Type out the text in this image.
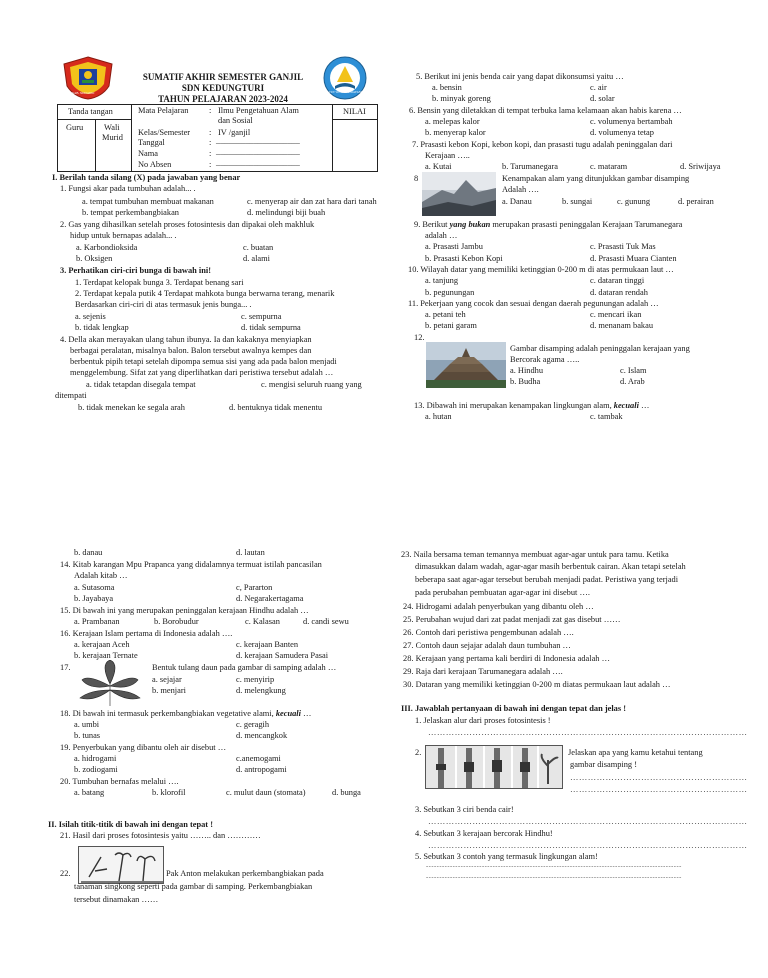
KAB. SIDOARJO
SUMATIF AKHIR SEMESTER GANJIL
SDN KEDUNGTURI
TAHUN PELAJARAN 2023-2024
TUT WURI HANDAYANI
Tanda tangan
Guru Wali
Murid
NILAI
Mata Pelajaran : Ilmu Pengetahuan Alam
dan Sosial
Kelas/Semester : IV /ganjil
Tanggal	: ____________________
Nama	: ____________________
No Absen	: ____________________
I. Berilah tanda silang (X) pada jawaban yang benar
1. Fungsi akar pada tumbuhan adalah... .
a. tempat tumbuhan membuat makanan	c. menyerap air dan zat hara dari tanah
b. tempat perkembangbiakan	d. melindungi biji buah
2. Gas yang dihasilkan setelah proses fotosintesis dan dipakai oleh makhluk
hidup untuk bernapas adalah... .
a. Karbondioksida	c. buatan
b. Oksigen	d. alami
3. Perhatikan ciri-ciri bunga di bawah ini!
1. Terdapat kelopak bunga 3. Terdapat benang sari
2. Terdapat kepala putik 4 Terdapat mahkota bunga berwarna terang, menarik
Berdasarkan ciri-ciri di atas termasuk jenis bunga... .
a. sejenis	c. sempurna
b. tidak lengkap	d. tidak sempurna
4. Della akan merayakan ulang tahun ibunya. Ia dan kakaknya menyiapkan
berbagai peralatan, misalnya balon. Balon tersebut awalnya kempes dan
berbentuk pipih tetapi setelah dipompa semua sisi yang ada pada balon menjadi
menggelembung. Sifat zat yang diperlihatkan dari peristiwa tersebut adalah …
a. tidak tetapdan disegala tempat	c. mengisi seluruh ruang yang
ditempati
b. tidak menekan ke segala arah	d. bentuknya tidak menentu
5. Berikut ini jenis benda cair yang dapat dikonsumsi yaitu …
a. bensin	c. air
b. minyak goreng	d. solar
6. Bensin yang diletakkan di tempat terbuka lama kelamaan akan habis karena …
a. melepas kalor	c. volumenya bertambah
b. menyerap kalor	d. volumenya tetap
7. Prasasti kebon Kopi, kebon kopi, dan prasasti tugu adalah peninggalan dari
Kerajaan …..
a. Kutai	b. Tarumanegara	c. mataram	d. Sriwijaya
8	Kenampakan alam yang ditunjukkan gambar disamping
Adalah ….
a. Danau	b. sungai	c. gunung	d. perairan
9. Berikut yang bukan merupakan prasasti peninggalan Kerajaan Tarumanegara
adalah …
a. Prasasti Jambu	c. Prasasti Tuk Mas
b. Prasasti Kebon Kopi	d. Prasasti Muara Cianten
10. Wilayah datar yang memiliki ketinggian 0-200 m di atas permukaan laut …
a. tanjung	c. dataran tinggi
b. pegunungan	d. dataran rendah
11. Pekerjaan yang cocok dan sesuai dengan daerah pegunungan adalah …
a. petani teh	c. mencari ikan
b. petani garam	d. menanam bakau
12.
Gambar disamping adalah peninggalan kerajaan yang
Bercorak agama …..
a. Hindhu	c. Islam
b. Budha	d. Arab
13. Dibawah ini merupakan kenampakan lingkungan alam, kecuali …
a. hutan	c. tambak
b. danau	d. lautan
14. Kitab karangan Mpu Prapanca yang didalamnya termuat istilah pancasilan
Adalah kitab …
a. Sutasoma	c, Pararton
b. Jayabaya	d. Negarakertagama
15. Di bawah ini yang merupakan peninggalan kerajaan Hindhu adalah …
a. Prambanan	b. Borobudur	c. Kalasan	d. candi sewu
16. Kerajaan Islam pertama di Indonesia adalah ….
a. kerajaan Aceh	c. kerajaan Banten
b. kerajaan Ternate	d. kerajaan Samudera Pasai
17.	Bentuk tulang daun pada gambar di samping adalah …
a. sejajar	c. menyirip
b. menjari	d. melengkung
18. Di bawah ini termasuk perkembangbiakan vegetative alami, kecuali …
a. umbi	c. geragih
b. tunas	d. mencangkok
19. Penyerbukan yang dibantu oleh air disebut …
a. hidrogami	c.anemogami
b. zodiogami	d. antropogami
20. Tumbuhan bernafas melalui ….
a. batang	b. klorofil	c. mulut daun (stomata)	d. bunga
II. Isilah titik-titik di bawah ini dengan tepat !
21. Hasil dari proses fotosintesis yaitu …….. dan …………
22.	Pak Anton melakukan perkembangbiakan pada
tanaman singkong seperti pada gambar di samping. Perkembangbiakan
tersebut dinamakan ……
23. Naila bersama teman temannya membuat agar-agar untuk para tamu. Ketika
dimasukkan dalam wadah, agar-agar masih berbentuk cairan. Akan tetapi setelah
beberapa saat agar-agar tersebut berubah menjadi padat. Peristiwa yang terjadi
pada perubahan pembuatan agar-agar ini disebut ….
24. Hidrogami adalah penyerbukan yang dibantu oleh …
25. Perubahan wujud dari zat padat menjadi zat gas disebut ……
26. Contoh dari peristiwa pengembunan adalah ….
27. Contoh daun sejajar adalah daun tumbuhan …
28. Kerajaan yang pertama kali berdiri di Indonesia adalah …
29. Raja dari kerajaan Tarumanegara adalah ….
30. Dataran yang memiliki ketinggian 0-200 m diatas permukaan laut adalah …
III. Jawablah pertanyaan di bawah ini dengan tepat dan jelas !
1. Jelaskan alur dari proses fotosintesis !
………………………………………………………………………………………………
2.	Jelaskan apa yang kamu ketahui tentang
gambar disamping !
……………………………………………………
……………………………………………………
3. Sebutkan 3 ciri benda cair!
………………………………………………………………………………………………
4. Sebutkan 3 kerajaan bercorak Hindhu!
………………………………………………………………………………………………
5. Sebutkan 3 contoh yang termasuk lingkungan alam!
------------------------------------------------------------------------------------------------
------------------------------------------------------------------------------------------------
